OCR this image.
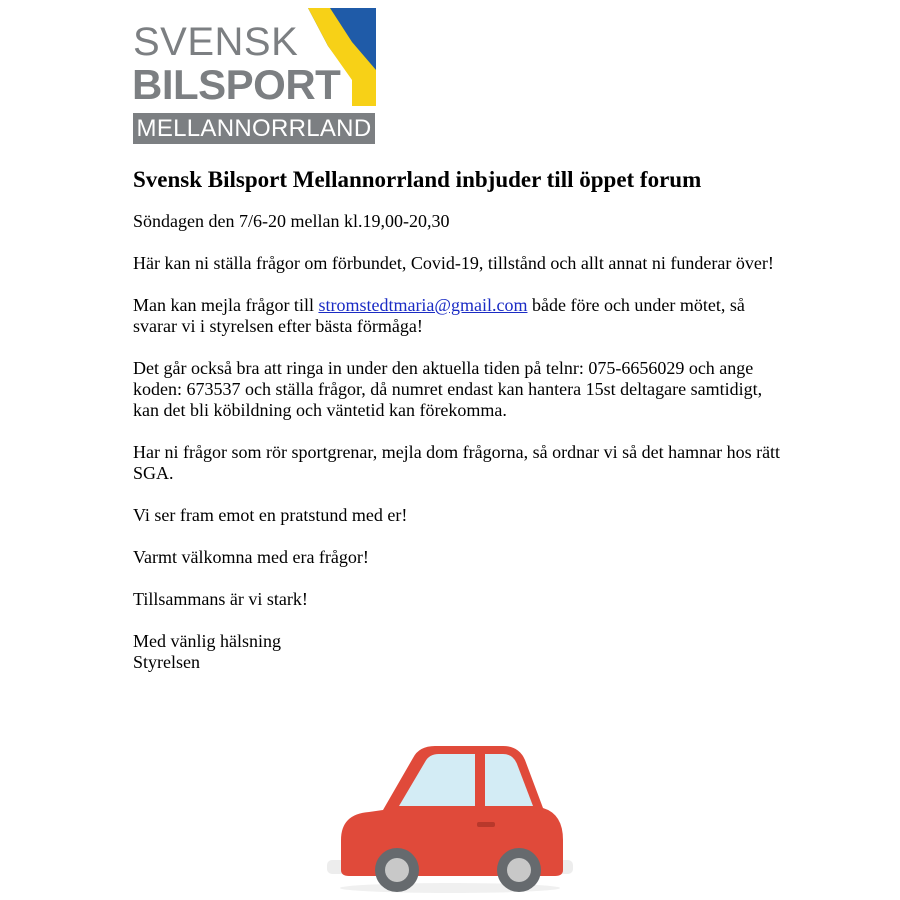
SVENSK
BILSPORT
MELLANNORRLAND
Svensk Bilsport Mellannorrland inbjuder till öppet forum

Söndagen den 7/6-20 mellan kl.19,00-20,30

Här kan ni ställa frågor om förbundet, Covid-19, tillstånd och allt annat ni funderar över!

Man kan mejla frågor till stromstedtmaria@gmail.com både före och under mötet, så svarar vi i styrelsen efter bästa förmåga!

Det går också bra att ringa in under den aktuella tiden på telnr: 075-6656029 och ange koden: 673537 och ställa frågor, då numret endast kan hantera 15st deltagare samtidigt, kan det bli köbildning och väntetid kan förekomma.

Har ni frågor som rör sportgrenar, mejla dom frågorna, så ordnar vi så det hamnar hos rätt SGA.

Vi ser fram emot en pratstund med er!

Varmt välkomna med era frågor!

Tillsammans är vi stark!

Med vänlig hälsning
Styrelsen
